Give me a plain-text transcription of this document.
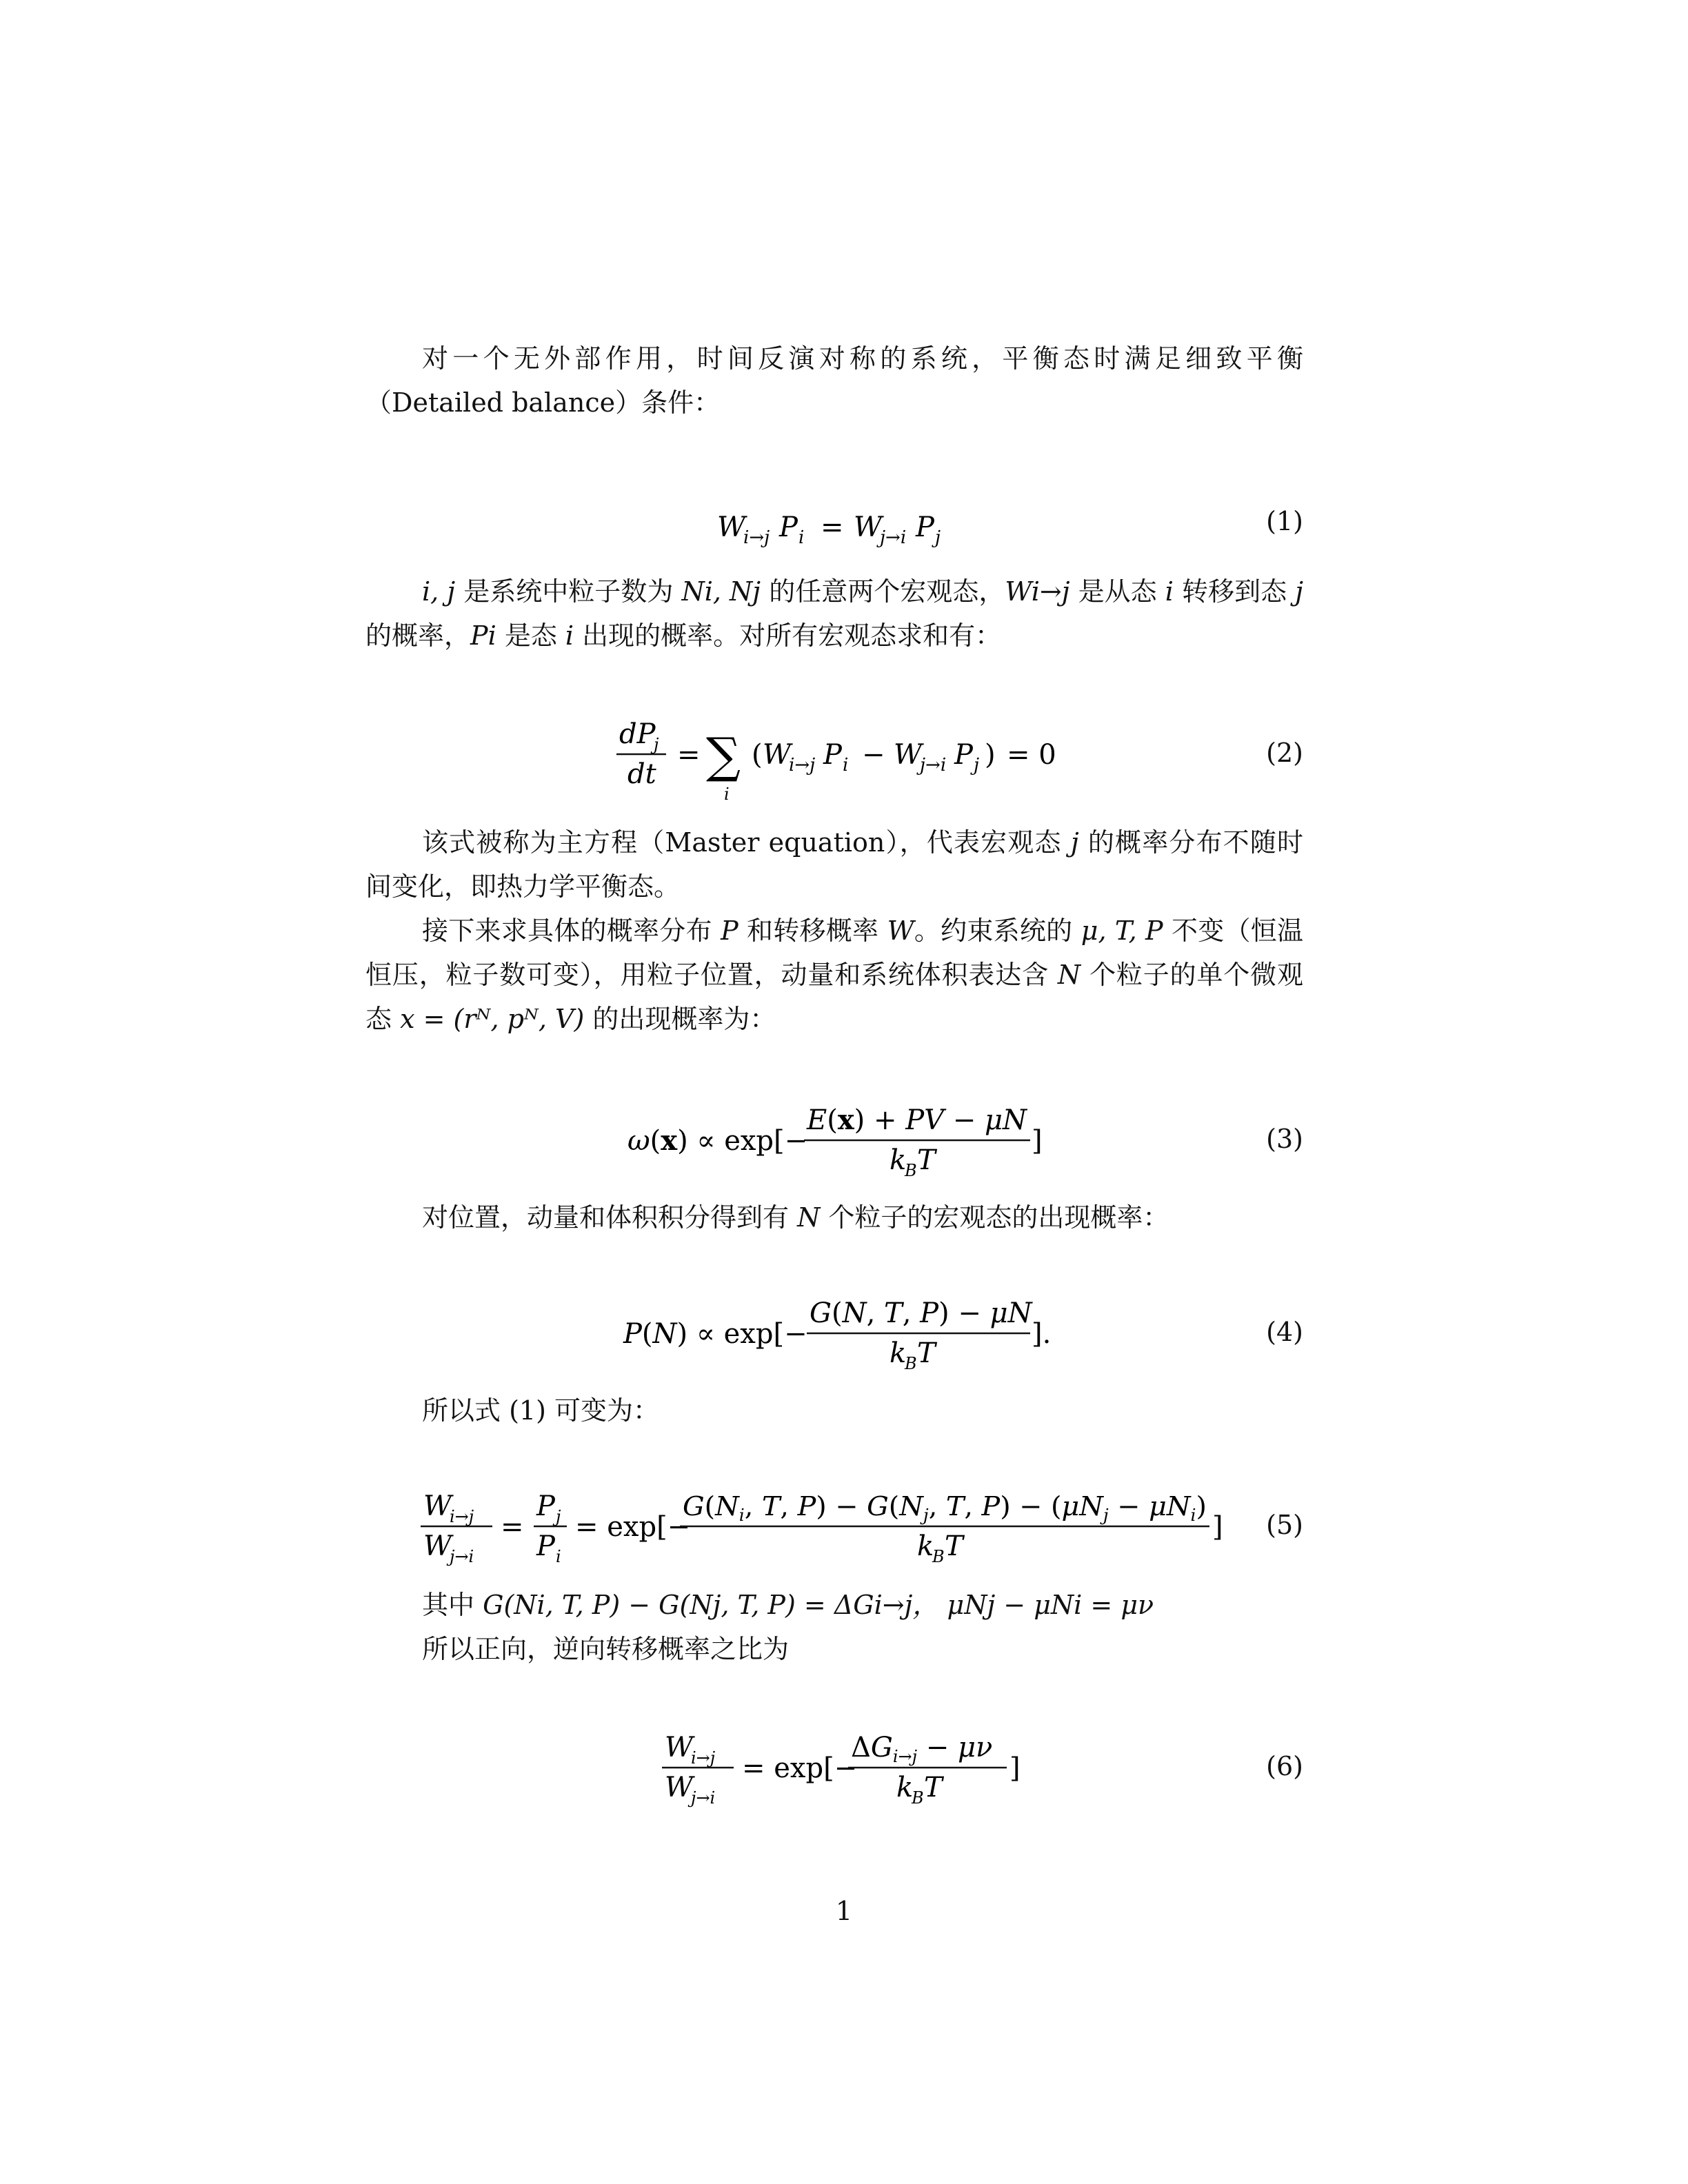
对一个无外部作用，时间反演对称的系统，平衡态时满足细致平衡（Detailed balance）条件：
W
i→j P i = W
j→i P j
(1)
i, j 是系统中粒子数为 Ni, Nj 的任意两个宏观态，Wi→j 是从态 i 转移到态 j 的概率，Pi 是态 i 出现的概率。对所有宏观态求和有：
dP
j
dt
= ∑
i
( W
i→j P i − W
j→i P j ) = 0	(2)
该式被称为主方程（Master equation），代表宏观态 j 的概率分布不随时间变化，即热力学平衡态。
接下来求具体的概率分布 P 和转移概率 W。约束系统的 μ, T, P 不变（恒温恒压，粒子数可变），用粒子位置，动量和系统体积表达含 N 个粒子的单个微观态 x = (rᴺ, pᴺ, V) 的出现概率为：
ω(x) ∝ exp[−
E(x) + PV − μN
k
B T
]	(3)
对位置，动量和体积积分得到有 N 个粒子的宏观态的出现概率：
P(N) ∝ exp[−
G(N, T, P) − μN
k
B T
].	(4)
所以式 (1) 可变为：
W
i→j
W
j→i
=
P j
P i
= exp[−
$G(N_i$, T, $P) - G(N_j$, T, P) − (μN $_j$ − μN $_i$)
k
B T
] (5)
其中 G(Ni, T, P) − G(Nj, T, P) = ΔGi→j， μNj − μNi = μν
所以正向，逆向转移概率之比为
W
i→j
W
j→i
= exp[−
$\Delta G_{i\to j} - \mu\nu$
k
B T
]	(6)
1
